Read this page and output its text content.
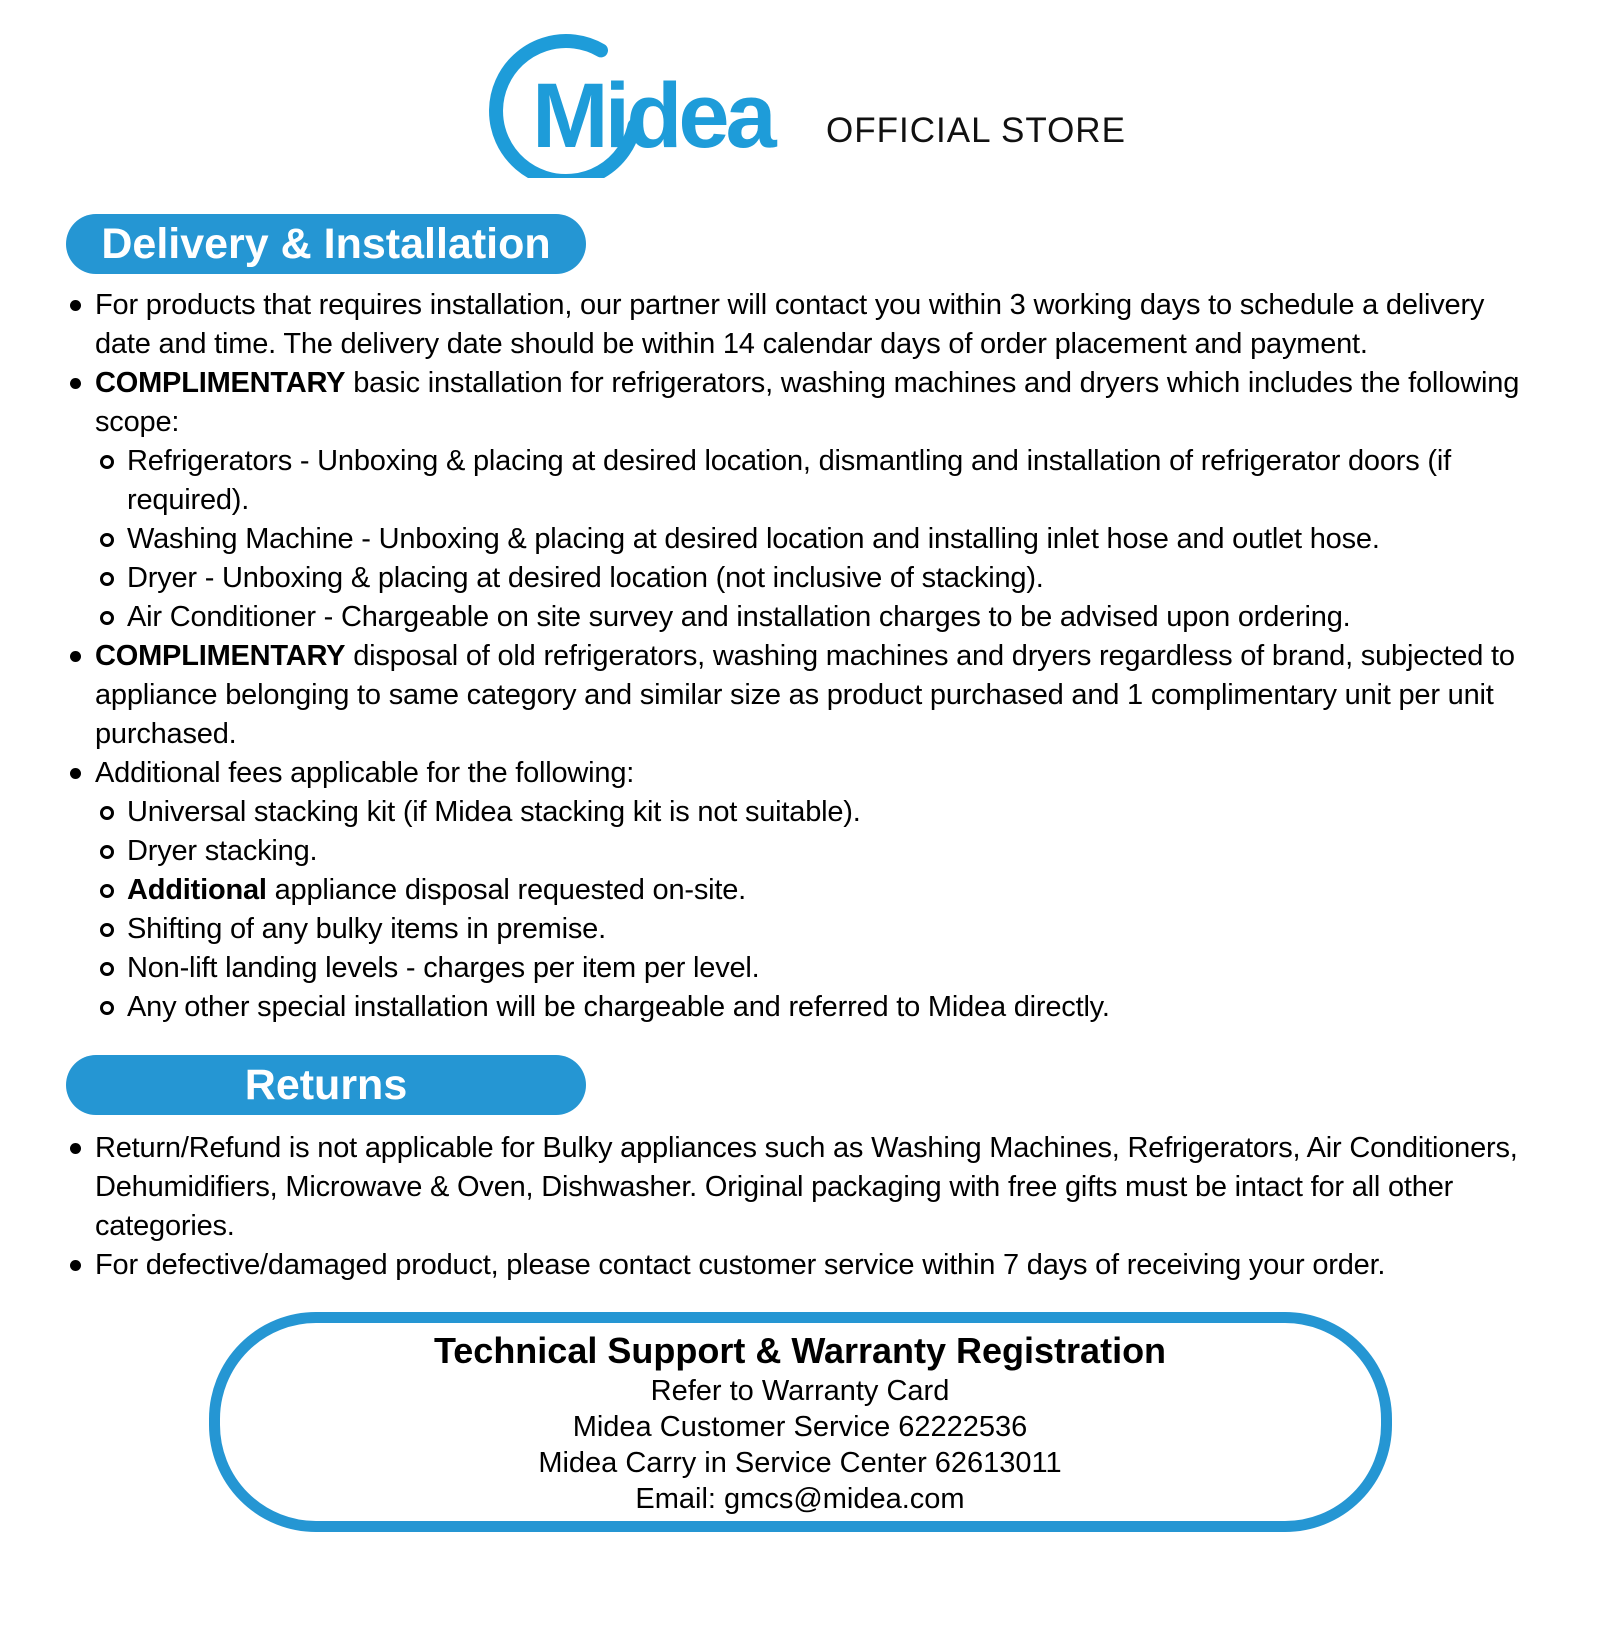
Midea OFFICIAL STORE
Delivery & Installation

For products that requires installation, our partner will contact you within 3 working days to schedule a delivery date and time. The delivery date should be within 14 calendar days of order placement and payment.

COMPLIMENTARY basic installation for refrigerators, washing machines and dryers which includes the following scope:

Refrigerators - Unboxing & placing at desired location, dismantling and installation of refrigerator doors (if required).

Washing Machine - Unboxing & placing at desired location and installing inlet hose and outlet hose.

Dryer - Unboxing & placing at desired location (not inclusive of stacking).

Air Conditioner - Chargeable on site survey and installation charges to be advised upon ordering.

COMPLIMENTARY disposal of old refrigerators, washing machines and dryers regardless of brand, subjected to appliance belonging to same category and similar size as product purchased and 1 complimentary unit per unit purchased.

Additional fees applicable for the following:

Universal stacking kit (if Midea stacking kit is not suitable).

Dryer stacking.

Additional appliance disposal requested on-site.

Shifting of any bulky items in premise.

Non-lift landing levels - charges per item per level.

Any other special installation will be chargeable and referred to Midea directly.

Returns

Return/Refund is not applicable for Bulky appliances such as Washing Machines, Refrigerators, Air Conditioners, Dehumidifiers, Microwave & Oven, Dishwasher. Original packaging with free gifts must be intact for all other categories.

For defective/damaged product, please contact customer service within 7 days of receiving your order.

Technical Support & Warranty Registration
Refer to Warranty Card
Midea Customer Service 62222536
Midea Carry in Service Center 62613011
Email: gmcs@midea.com
